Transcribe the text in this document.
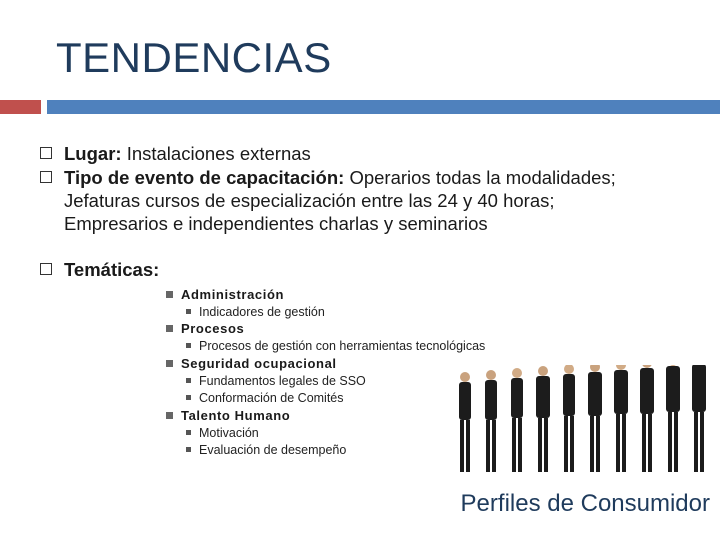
TENDENCIAS
Lugar: Instalaciones externas
Tipo de evento de capacitación: Operarios todas la modalidades; Jefaturas cursos de especialización entre las 24 y 40 horas; Empresarios e independientes charlas y seminarios
Temáticas:
Administración
Indicadores de gestión
Procesos
Procesos de gestión con herramientas tecnológicas
Seguridad ocupacional
Fundamentos legales de SSO
Conformación de Comités
Talento Humano
Motivación
Evaluación de desempeño
Perfiles de Consumidor
